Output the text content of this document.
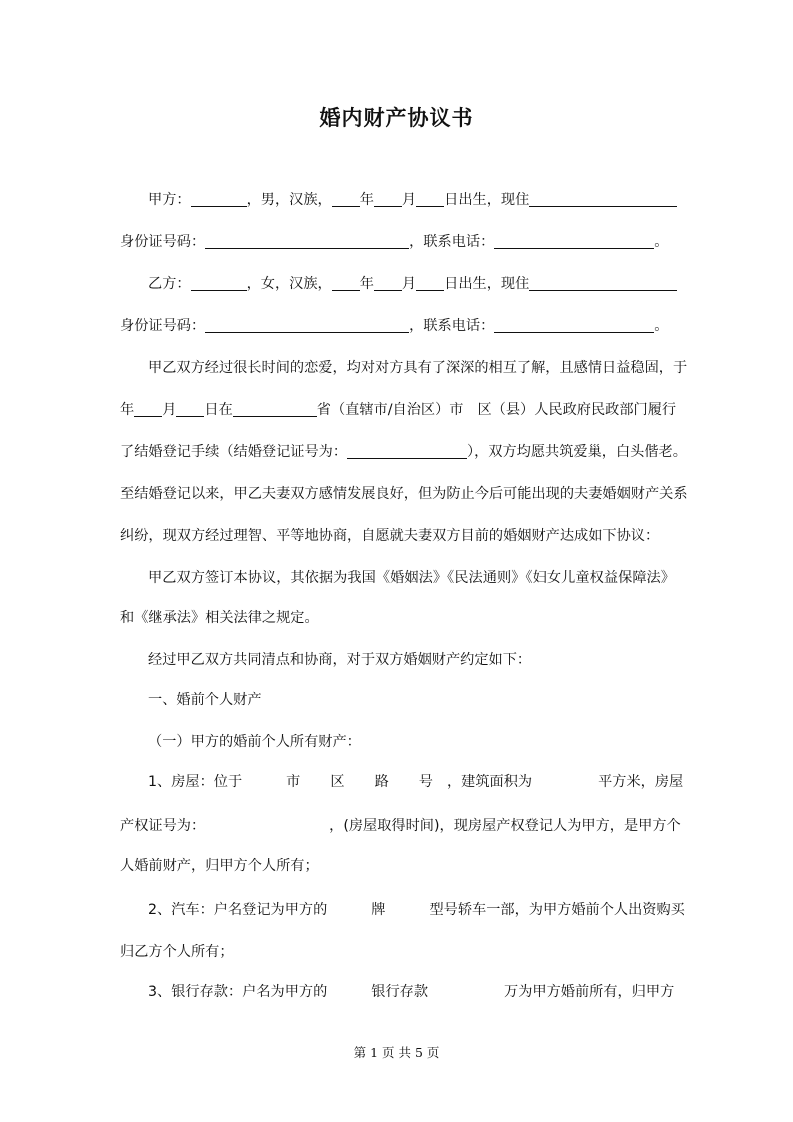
婚内财产协议书
甲方：	，男，汉族， 年 月 日出生，现住
身份证号码：	，联系电话：	。
乙方：	，女，汉族， 年 月 日出生，现住
身份证号码：	，联系电话：	。
甲乙双方经过很长时间的恋爱，均对对方具有了深深的相互了解，且感情日益稳固，于
年 月 日在	省（直辖市/自治区）市 区（县）人民政府民政部门履行
了结婚登记手续（结婚登记证号为：	），双方均愿共筑爱巢，白头偕老。
至结婚登记以来，甲乙夫妻双方感情发展良好，但为防止今后可能出现的夫妻婚姻财产关系
纠纷，现双方经过理智、平等地协商，自愿就夫妻双方目前的婚姻财产达成如下协议：
甲乙双方签订本协议，其依据为我国《婚姻法》《民法通则》《妇女儿童权益保障法》
和《继承法》相关法律之规定。
经过甲乙双方共同清点和协商，对于双方婚姻财产约定如下：
一、婚前个人财产
（一）甲方的婚前个人所有财产：
1、房屋：位于	市 区 路 号 ，建筑面积为	平方米，房屋
产权证号为：	，(房屋取得时间)，现房屋产权登记人为甲方，是甲方个
人婚前财产，归甲方个人所有；
2、汽车：户名登记为甲方的	牌	型号轿车一部，为甲方婚前个人出资购买
归乙方个人所有；
3、银行存款：户名为甲方的	银行存款	万为甲方婚前所有，归甲方
第 1 页 共 5 页
